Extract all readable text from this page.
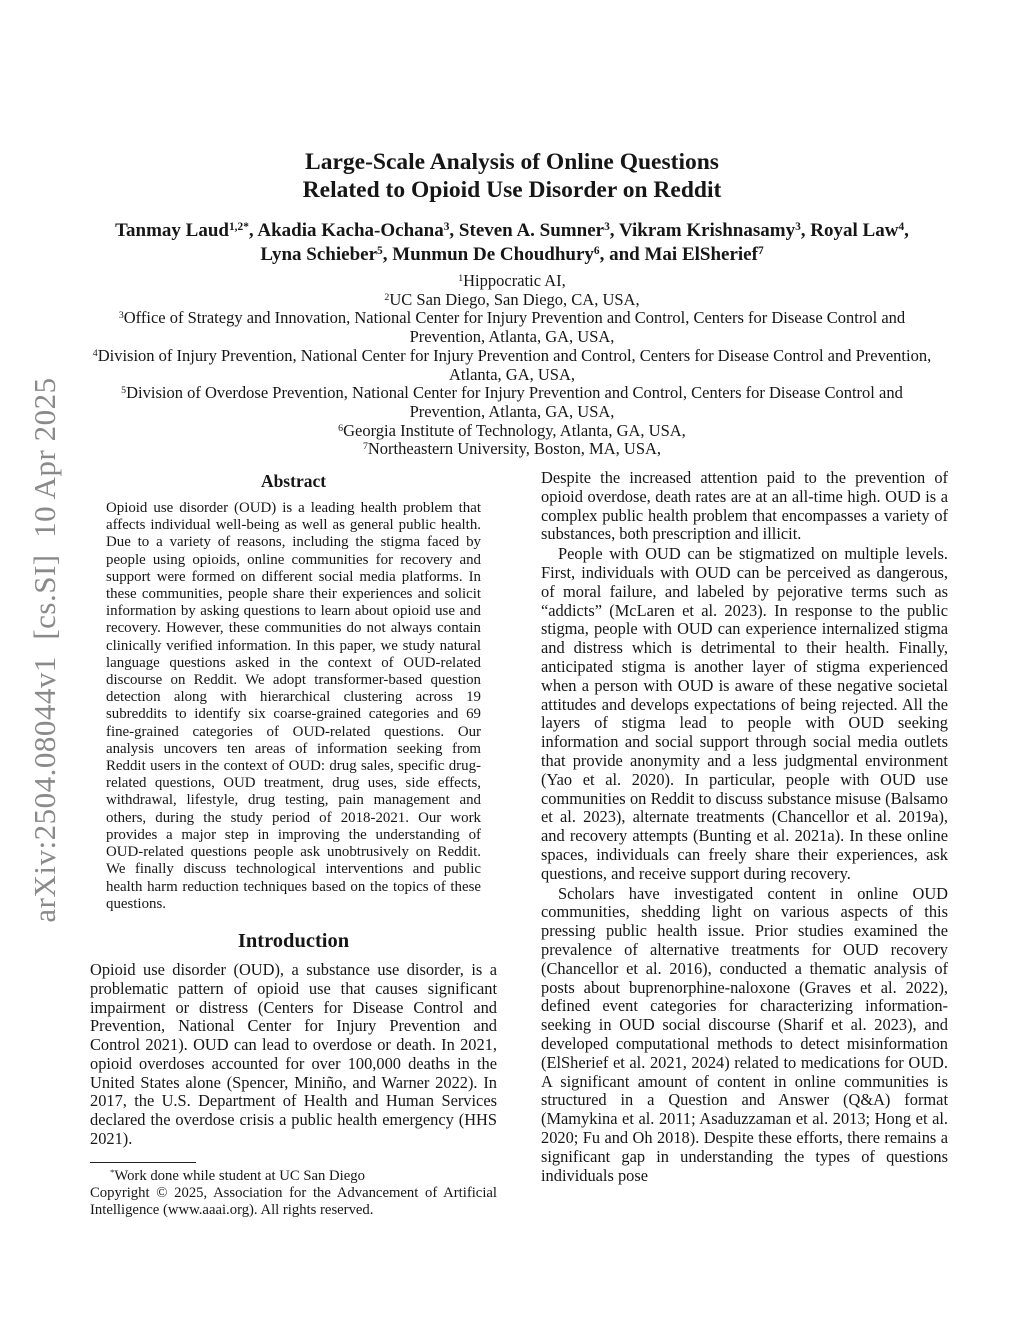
arXiv:2504.08044v1  [cs.SI]  10 Apr 2025
Large-Scale Analysis of Online Questions
Related to Opioid Use Disorder on Reddit
Tanmay Laud$^{1,2*}$, Akadia Kacha-Ochana$^3$, Steven A. Sumner$^3$, Vikram Krishnasamy$^3$, Royal Law$^4$, Lyna Schieber$^5$, Munmun De Choudhury$^6$, and Mai ElSherief$^7$
$^1$Hippocratic AI,
$^2$UC San Diego, San Diego, CA, USA,
$^3$Office of Strategy and Innovation, National Center for Injury Prevention and Control, Centers for Disease Control and Prevention, Atlanta, GA, USA,
$^4$Division of Injury Prevention, National Center for Injury Prevention and Control, Centers for Disease Control and Prevention, Atlanta, GA, USA,
$^5$Division of Overdose Prevention, National Center for Injury Prevention and Control, Centers for Disease Control and Prevention, Atlanta, GA, USA,
$^6$Georgia Institute of Technology, Atlanta, GA, USA,
$^7$Northeastern University, Boston, MA, USA,
Abstract

Opioid use disorder (OUD) is a leading health problem that affects individual well-being as well as general public health. Due to a variety of reasons, including the stigma faced by people using opioids, online communities for recovery and support were formed on different social media platforms. In these communities, people share their experiences and solicit information by asking questions to learn about opioid use and recovery. However, these communities do not always contain clinically verified information. In this paper, we study natural language questions asked in the context of OUD-related discourse on Reddit. We adopt transformer-based question detection along with hierarchical clustering across 19 subreddits to identify six coarse-grained categories and 69 fine-grained categories of OUD-related questions. Our analysis uncovers ten areas of information seeking from Reddit users in the context of OUD: drug sales, specific drug-related questions, OUD treatment, drug uses, side effects, withdrawal, lifestyle, drug testing, pain management and others, during the study period of 2018-2021. Our work provides a major step in improving the understanding of OUD-related questions people ask unobtrusively on Reddit. We finally discuss technological interventions and public health harm reduction techniques based on the topics of these questions.

Introduction

Opioid use disorder (OUD), a substance use disorder, is a problematic pattern of opioid use that causes significant impairment or distress (Centers for Disease Control and Prevention, National Center for Injury Prevention and Control 2021). OUD can lead to overdose or death. In 2021, opioid overdoses accounted for over 100,000 deaths in the United States alone (Spencer, Miniño, and Warner 2022). In 2017, the U.S. Department of Health and Human Services declared the overdose crisis a public health emergency (HHS 2021).

*Work done while student at UC San Diego

Copyright © 2025, Association for the Advancement of Artificial Intelligence (www.aaai.org). All rights reserved.

Despite the increased attention paid to the prevention of opioid overdose, death rates are at an all-time high. OUD is a complex public health problem that encompasses a variety of substances, both prescription and illicit.

People with OUD can be stigmatized on multiple levels. First, individuals with OUD can be perceived as dangerous, of moral failure, and labeled by pejorative terms such as “addicts” (McLaren et al. 2023). In response to the public stigma, people with OUD can experience internalized stigma and distress which is detrimental to their health. Finally, anticipated stigma is another layer of stigma experienced when a person with OUD is aware of these negative societal attitudes and develops expectations of being rejected. All the layers of stigma lead to people with OUD seeking information and social support through social media outlets that provide anonymity and a less judgmental environment (Yao et al. 2020). In particular, people with OUD use communities on Reddit to discuss substance misuse (Balsamo et al. 2023), alternate treatments (Chancellor et al. 2019a), and recovery attempts (Bunting et al. 2021a). In these online spaces, individuals can freely share their experiences, ask questions, and receive support during recovery.

Scholars have investigated content in online OUD communities, shedding light on various aspects of this pressing public health issue. Prior studies examined the prevalence of alternative treatments for OUD recovery (Chancellor et al. 2016), conducted a thematic analysis of posts about buprenorphine-naloxone (Graves et al. 2022), defined event categories for characterizing information-seeking in OUD social discourse (Sharif et al. 2023), and developed computational methods to detect misinformation (ElSherief et al. 2021, 2024) related to medications for OUD. A significant amount of content in online communities is structured in a Question and Answer (Q&A) format (Mamykina et al. 2011; Asaduzzaman et al. 2013; Hong et al. 2020; Fu and Oh 2018). Despite these efforts, there remains a significant gap in understanding the types of questions individuals pose
